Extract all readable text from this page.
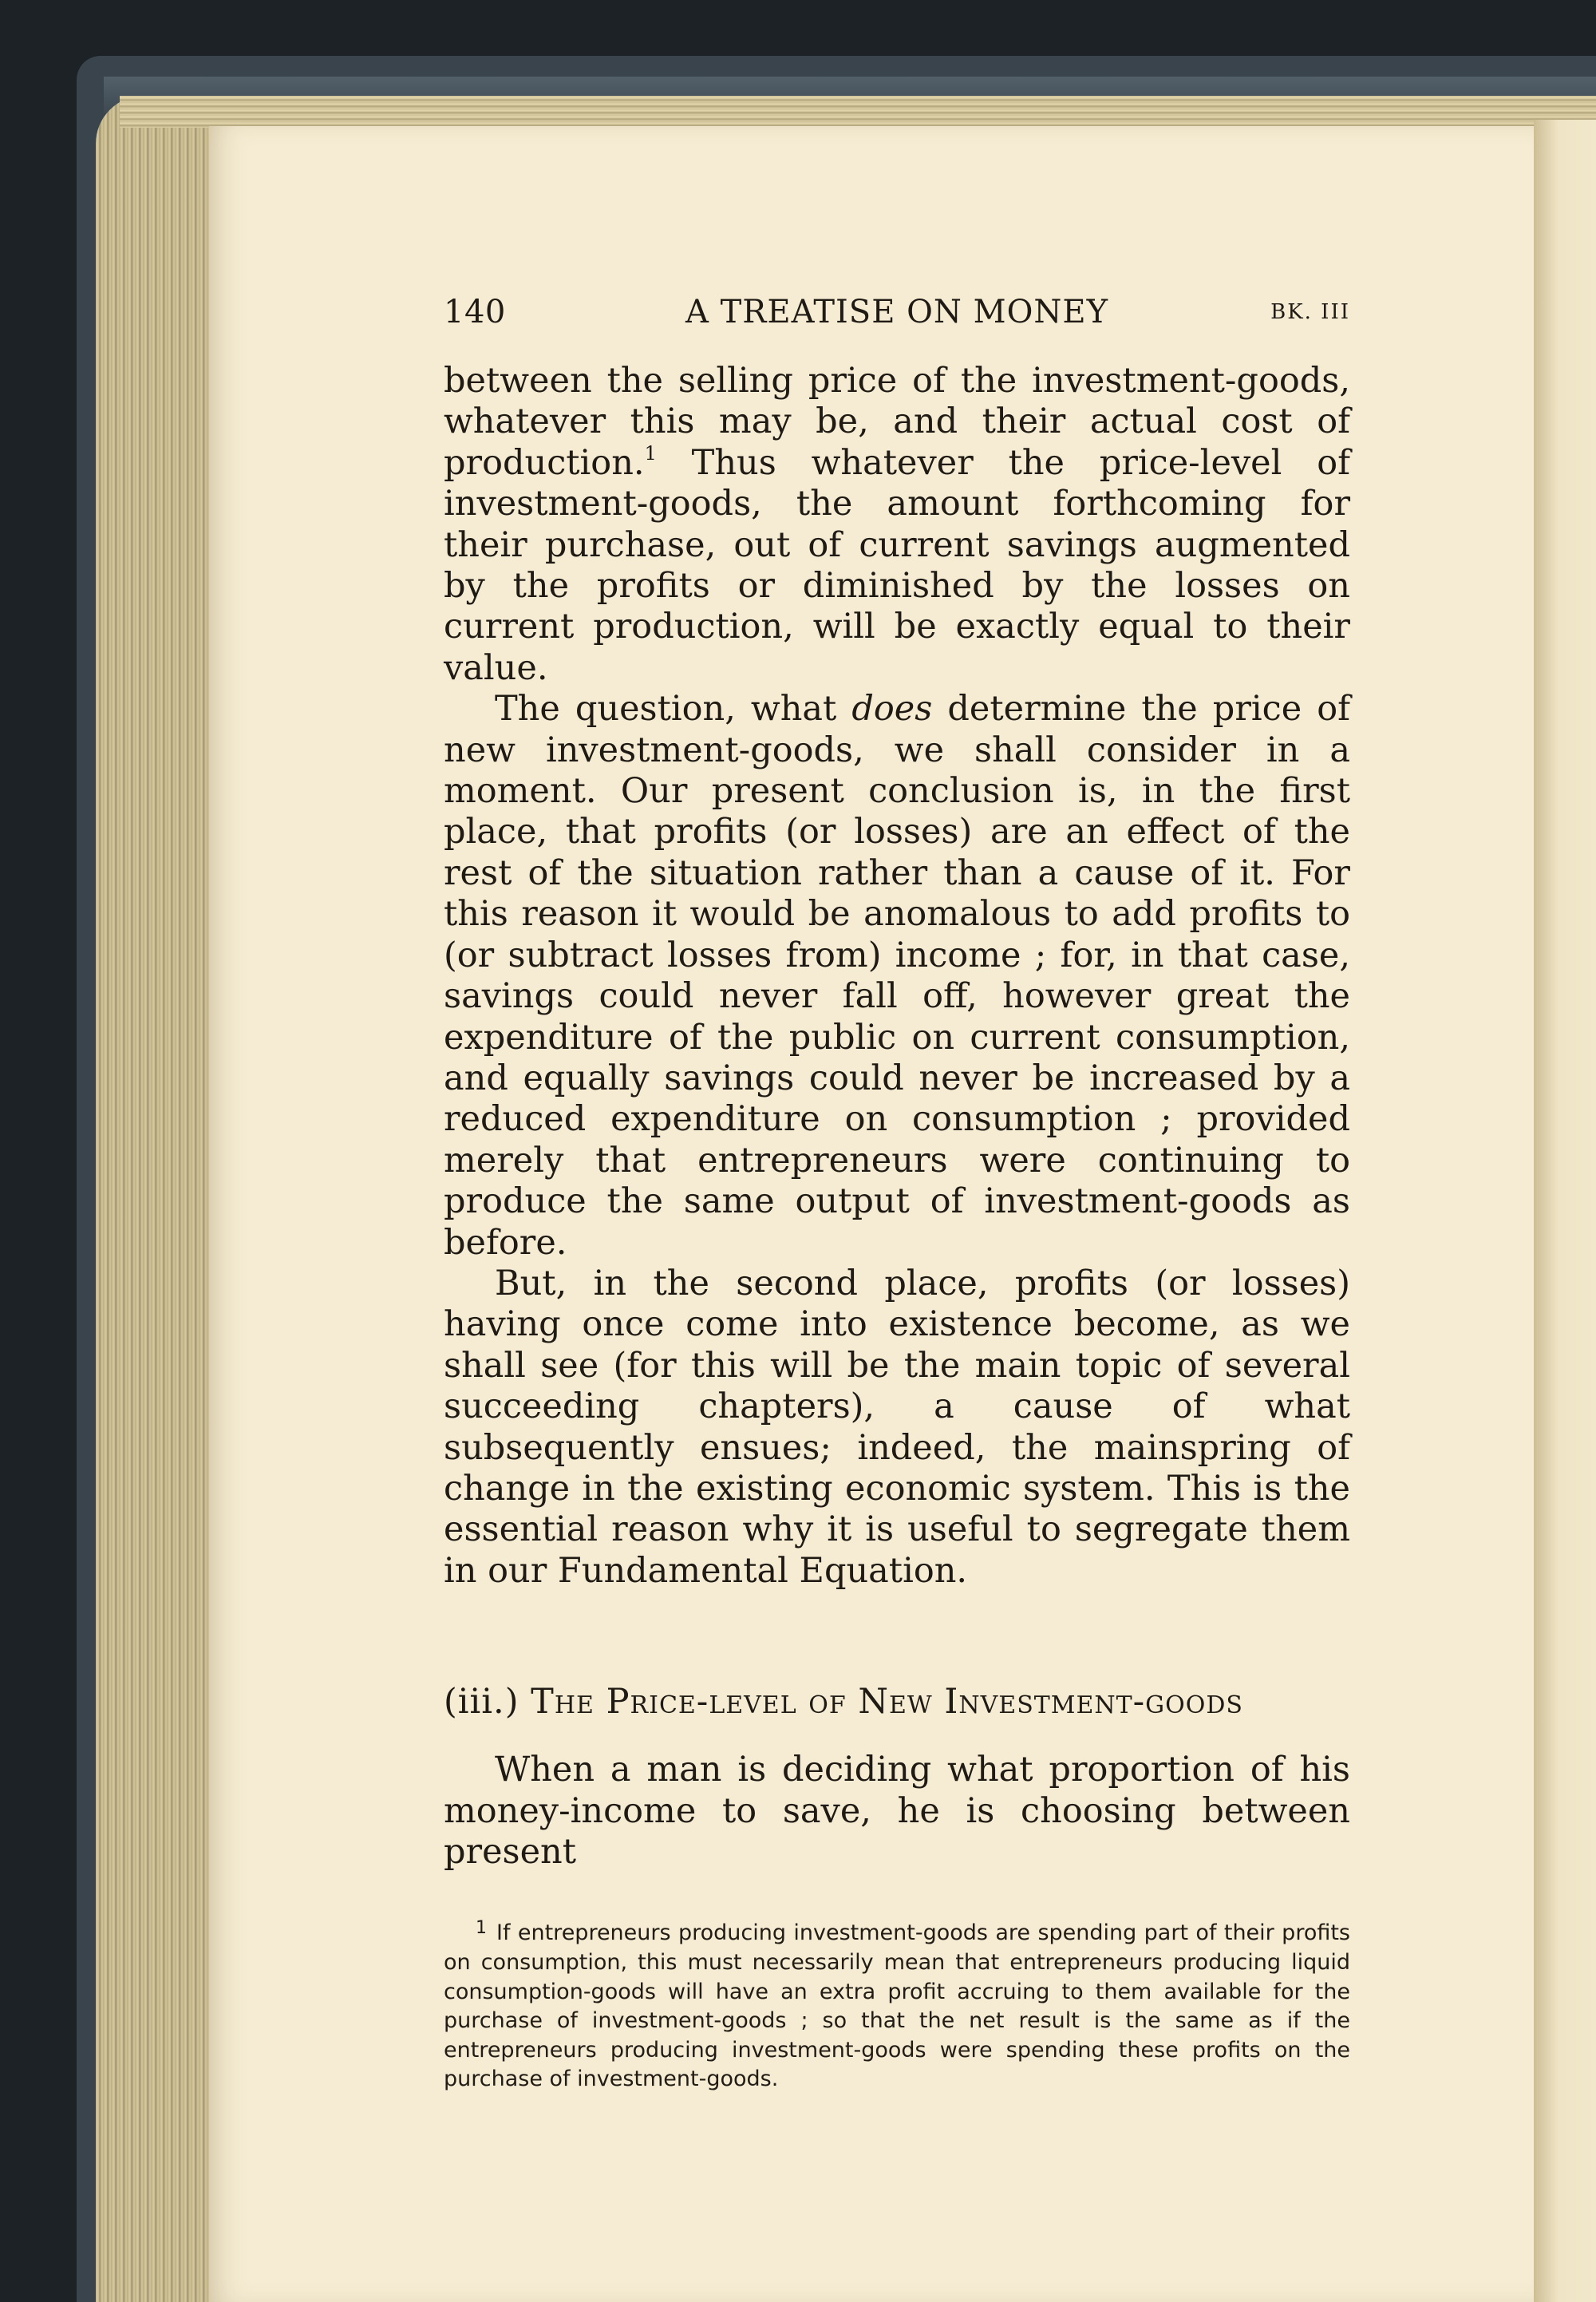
140	A TREATISE ON MONEY	BK. III

between the selling price of the investment-goods, whatever this may be, and their actual cost of production.$^1$ Thus whatever the price-level of investment-goods, the amount forthcoming for their purchase, out of current savings augmented by the profits or diminished by the losses on current production, will be exactly equal to their value.

The question, what does determine the price of new investment-goods, we shall consider in a moment. Our present conclusion is, in the first place, that profits (or losses) are an effect of the rest of the situation rather than a cause of it. For this reason it would be anomalous to add profits to (or subtract losses from) income ; for, in that case, savings could never fall off, however great the expenditure of the public on current consumption, and equally savings could never be increased by a reduced expenditure on consumption ; provided merely that entrepreneurs were continuing to produce the same output of investment-goods as before.

But, in the second place, profits (or losses) having once come into existence become, as we shall see (for this will be the main topic of several succeeding chapters), a cause of what subsequently ensues; indeed, the mainspring of change in the existing economic system. This is the essential reason why it is useful to segregate them in our Fundamental Equation.

(iii.) The Price-level of New Investment-goods
When a man is deciding what proportion of his money-income to save, he is choosing between present
$^1$ If entrepreneurs producing investment-goods are spending part of their profits on consumption, this must necessarily mean that entrepreneurs producing liquid consumption-goods will have an extra profit accruing to them available for the purchase of investment-goods ; so that the net result is the same as if the entrepreneurs producing investment-goods were spending these profits on the purchase of investment-goods.
